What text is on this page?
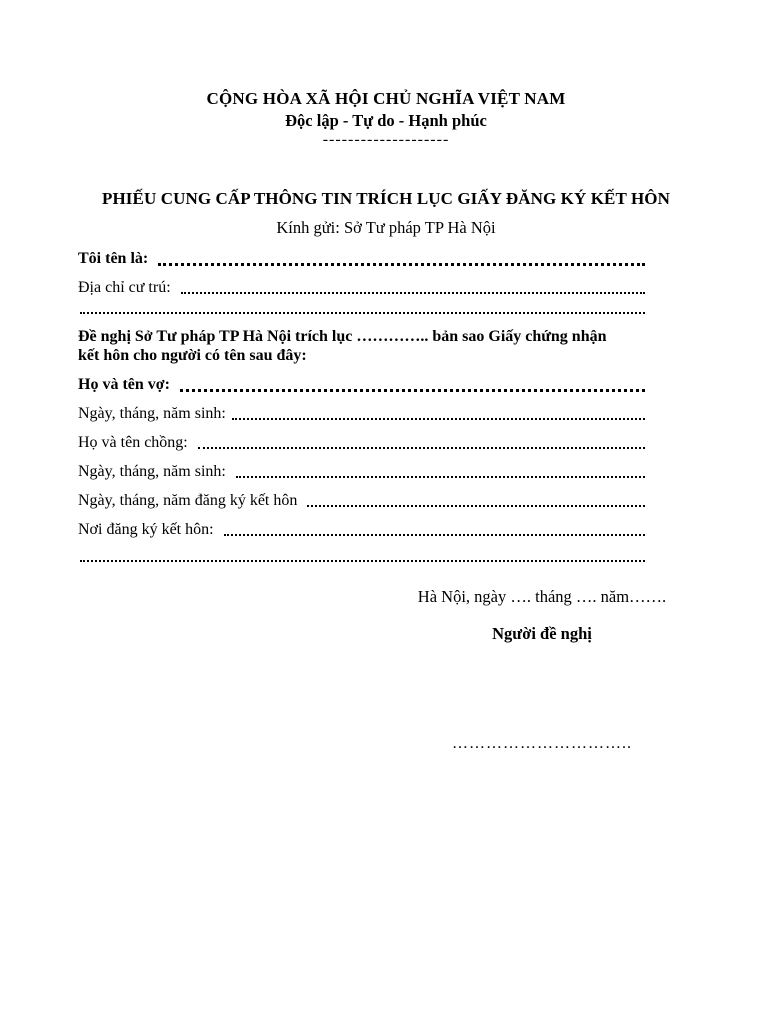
CỘNG HÒA XÃ HỘI CHỦ NGHĨA VIỆT NAM
Độc lập - Tự do - Hạnh phúc
--------------------
PHIẾU CUNG CẤP THÔNG TIN TRÍCH LỤC GIẤY ĐĂNG KÝ KẾT HÔN
Kính gửi: Sở Tư pháp TP Hà Nội
Tôi tên là:
Địa chỉ cư trú:
Đề nghị Sở Tư pháp TP Hà Nội trích lục ………….. bản sao Giấy chứng nhận
kết hôn cho người có tên sau đây:
Họ và tên vợ:
Ngày, tháng, năm sinh:
Họ và tên chồng:
Ngày, tháng, năm sinh:
Ngày, tháng, năm đăng ký kết hôn
Nơi đăng ký kết hôn:
Hà Nội, ngày …. tháng …. năm…….
Người đề nghị
…………………………..
